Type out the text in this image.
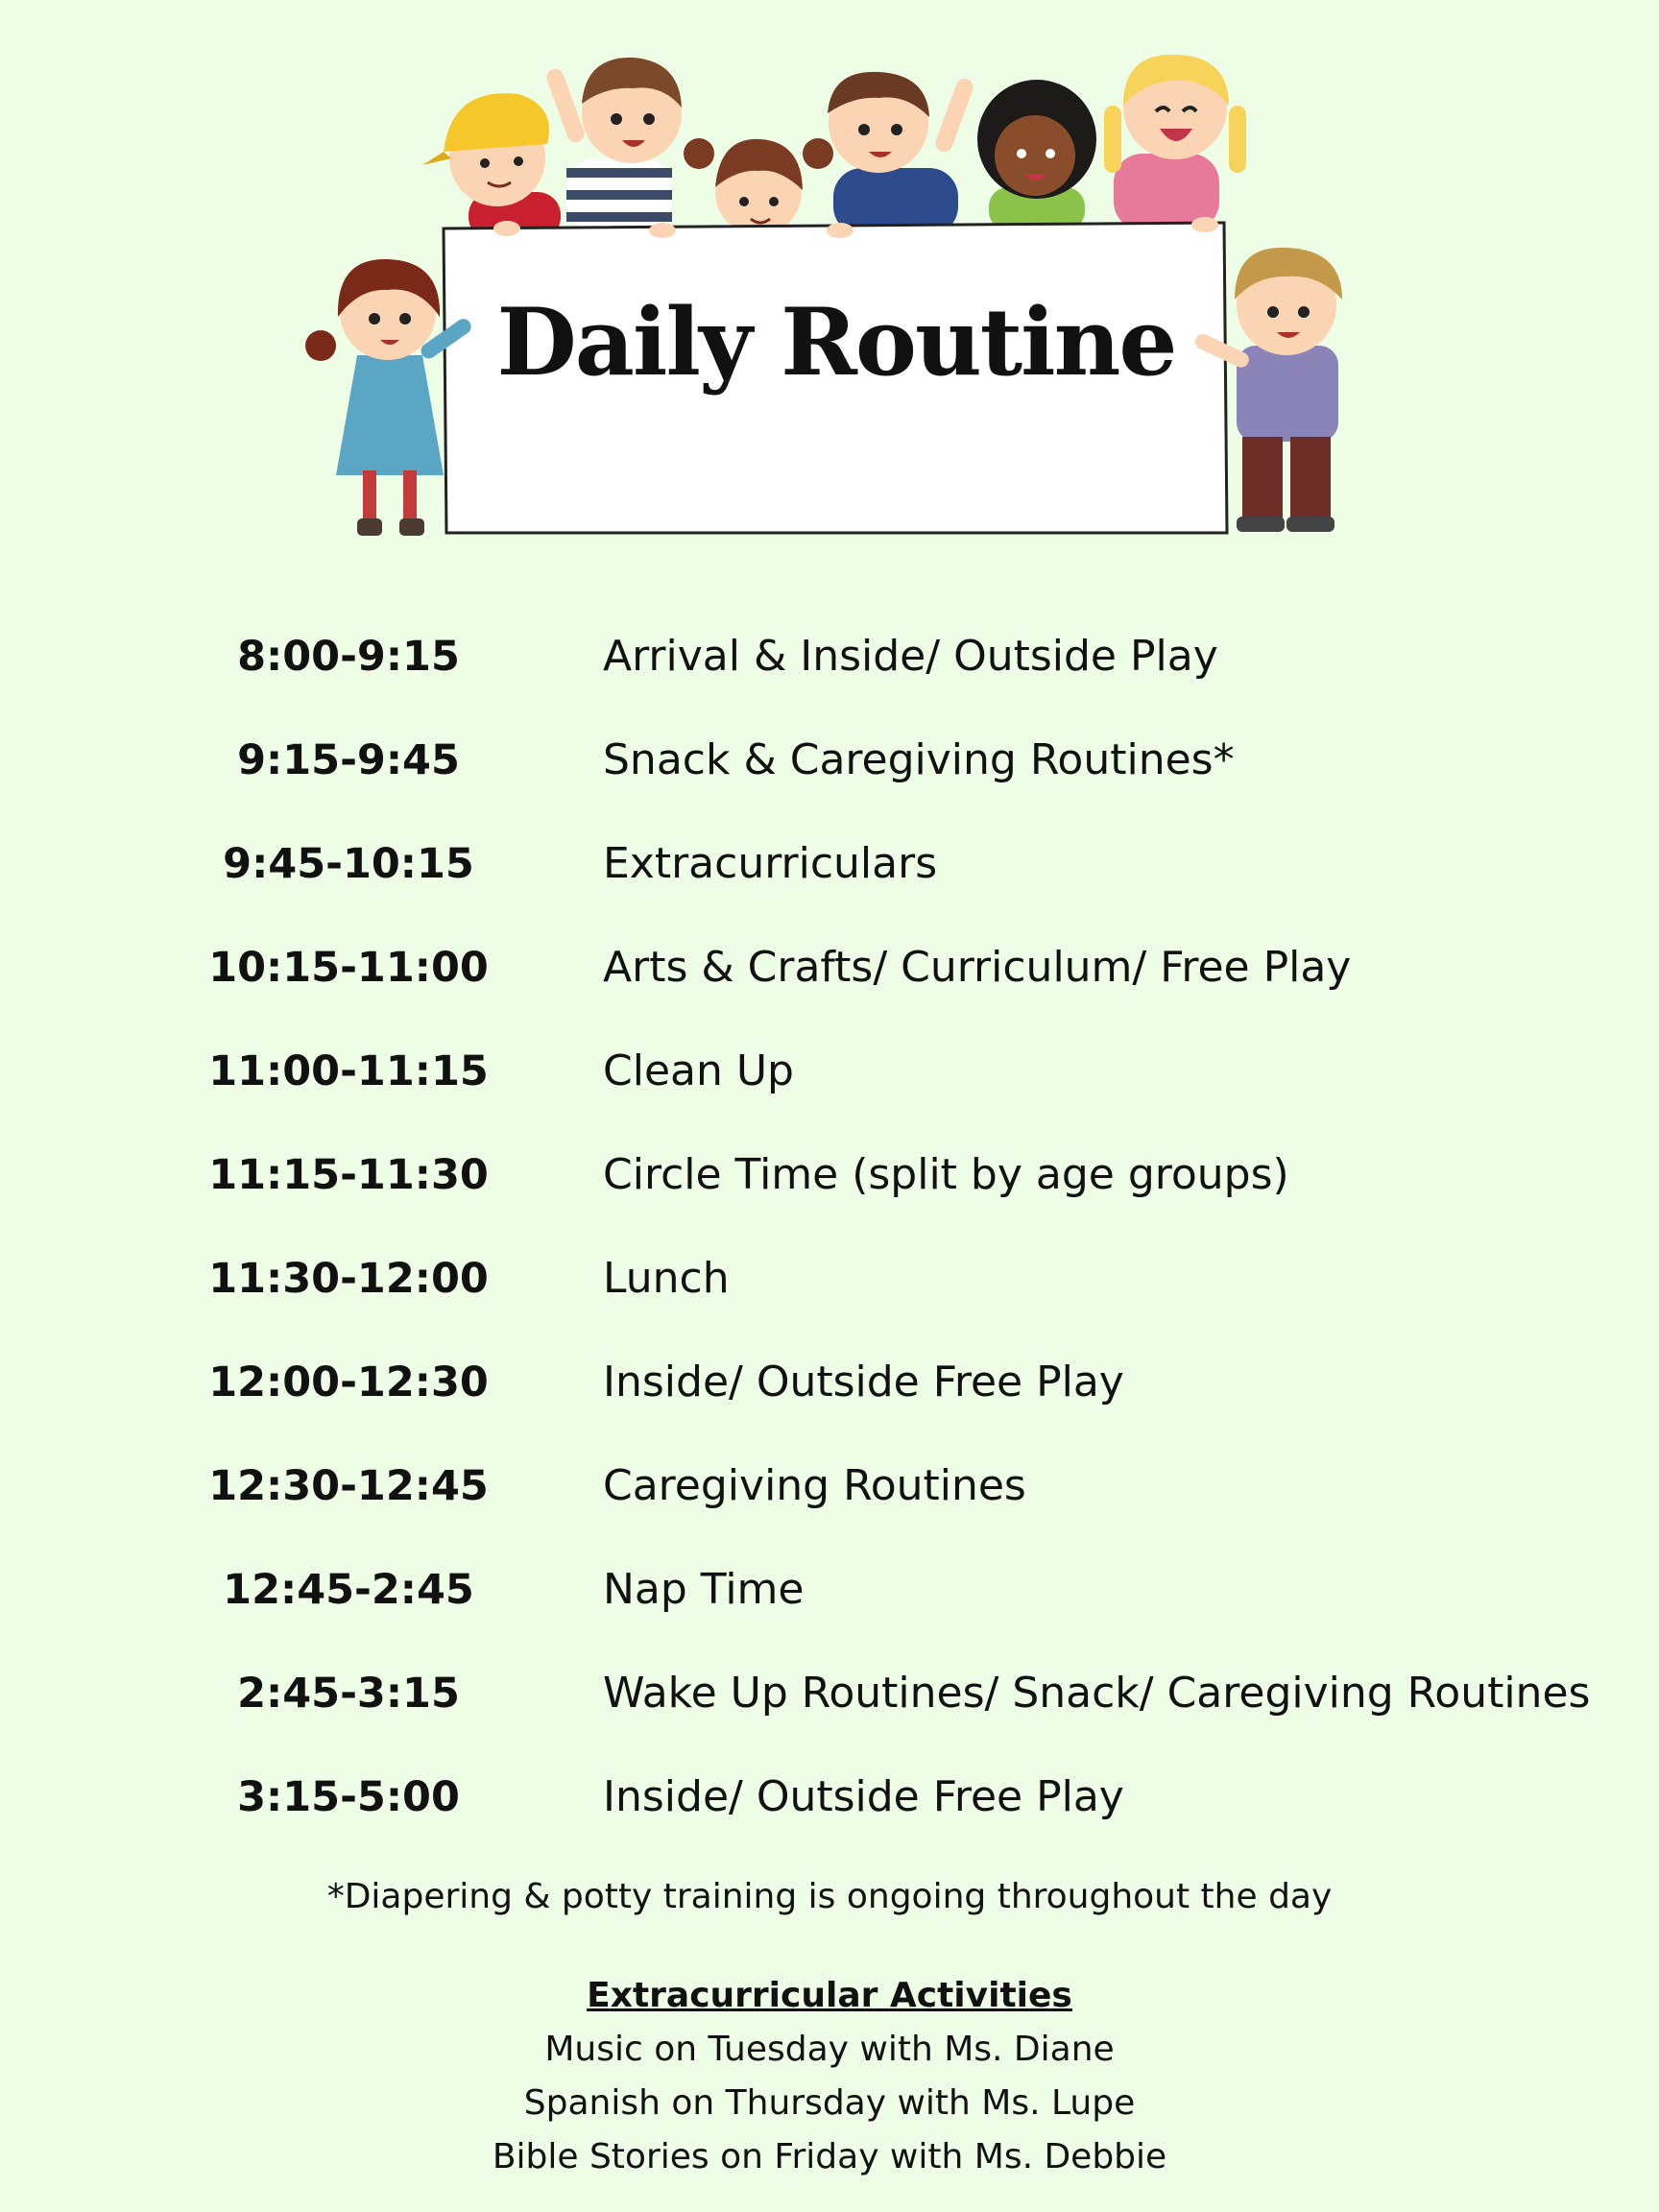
Daily Routine
8:00-9:15	Arrival & Inside/ Outside Play
9:15-9:45	Snack & Caregiving Routines*
9:45-10:15	Extracurriculars
10:15-11:00	Arts & Crafts/ Curriculum/ Free Play
11:00-11:15	Clean Up
11:15-11:30	Circle Time (split by age groups)
11:30-12:00	Lunch
12:00-12:30	Inside/ Outside Free Play
12:30-12:45	Caregiving Routines
12:45-2:45	Nap Time
2:45-3:15	Wake Up Routines/ Snack/ Caregiving Routines
3:15-5:00	Inside/ Outside Free Play
*Diapering & potty training is ongoing throughout the day
Extracurricular Activities
Music on Tuesday with Ms. Diane
Spanish on Thursday with Ms. Lupe
Bible Stories on Friday with Ms. Debbie
